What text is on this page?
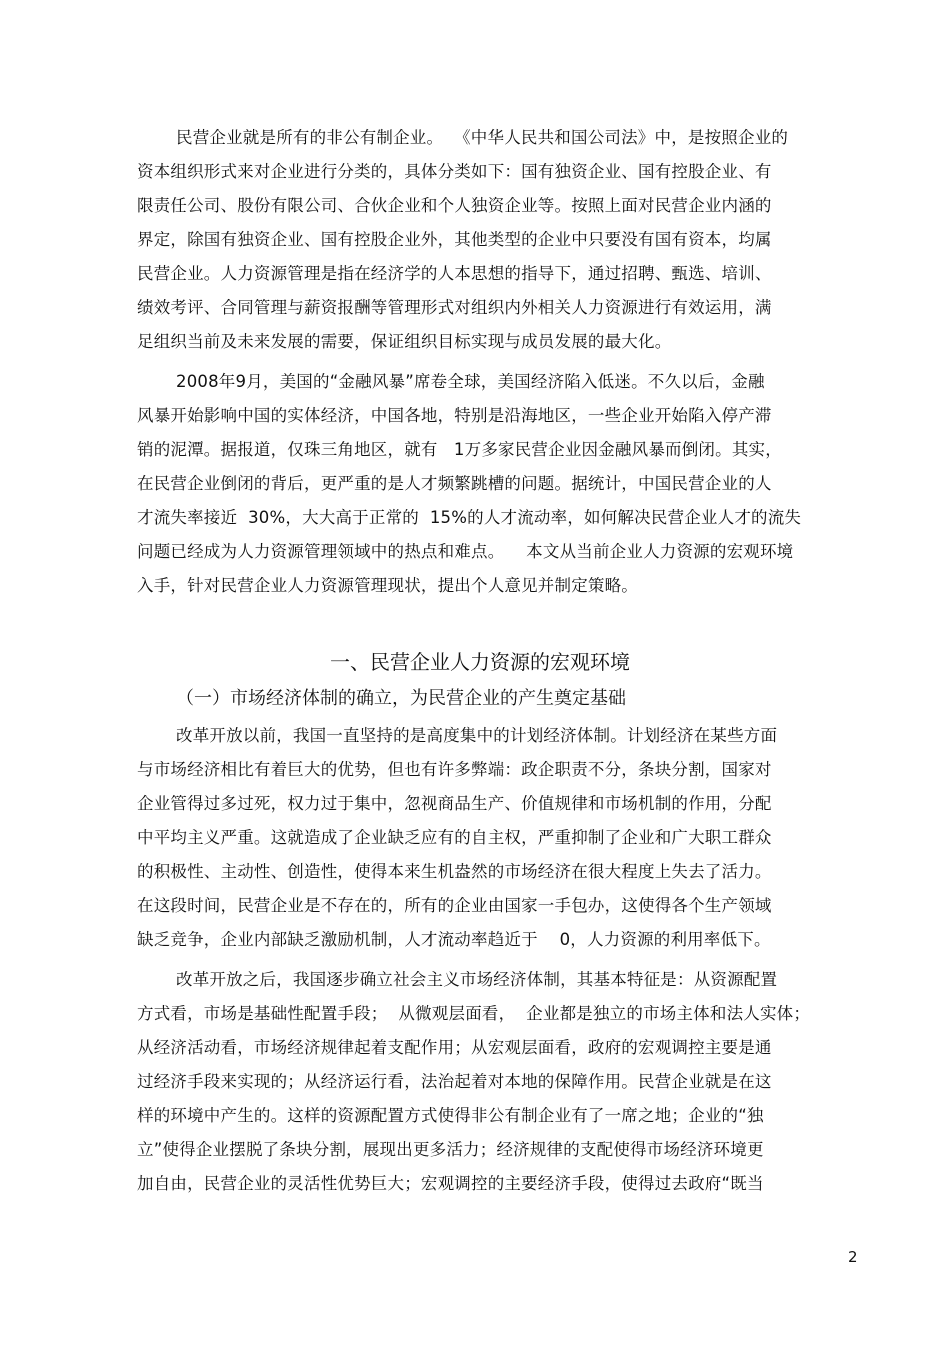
民营企业就是所有的非公有制企业。  《中华人民共和国公司法》中，是按照企业的
资本组织形式来对企业进行分类的，具体分类如下：国有独资企业、国有控股企业、有
限责任公司、股份有限公司、合伙企业和个人独资企业等。按照上面对民营企业内涵的
界定，除国有独资企业、国有控股企业外，其他类型的企业中只要没有国有资本，均属
民营企业。人力资源管理是指在经济学的人本思想的指导下，通过招聘、甄选、培训、
绩效考评、合同管理与薪资报酬等管理形式对组织内外相关人力资源进行有效运用，满
足组织当前及未来发展的需要，保证组织目标实现与成员发展的最大化。
2008年9月，美国的“金融风暴”席卷全球，美国经济陷入低迷。不久以后，金融
风暴开始影响中国的实体经济，中国各地，特别是沿海地区，一些企业开始陷入停产滞
销的泥潭。据报道，仅珠三角地区，就有   1万多家民营企业因金融风暴而倒闭。其实，
在民营企业倒闭的背后，更严重的是人才频繁跳槽的问题。据统计，中国民营企业的人
才流失率接近  30%，大大高于正常的  15%的人才流动率，如何解决民营企业人才的流失
问题已经成为人力资源管理领域中的热点和难点。    本文从当前企业人力资源的宏观环境
入手，针对民营企业人力资源管理现状，提出个人意见并制定策略。
一、民营企业人力资源的宏观环境
（一）市场经济体制的确立，为民营企业的产生奠定基础
改革开放以前，我国一直坚持的是高度集中的计划经济体制。计划经济在某些方面
与市场经济相比有着巨大的优势，但也有许多弊端：政企职责不分，条块分割，国家对
企业管得过多过死，权力过于集中，忽视商品生产、价值规律和市场机制的作用，分配
中平均主义严重。这就造成了企业缺乏应有的自主权，严重抑制了企业和广大职工群众
的积极性、主动性、创造性，使得本来生机盎然的市场经济在很大程度上失去了活力。
在这段时间，民营企业是不存在的，所有的企业由国家一手包办，这使得各个生产领域
缺乏竞争，企业内部缺乏激励机制，人才流动率趋近于    0，人力资源的利用率低下。
改革开放之后，我国逐步确立社会主义市场经济体制，其基本特征是：从资源配置
方式看，市场是基础性配置手段；  从微观层面看，  企业都是独立的市场主体和法人实体；
从经济活动看，市场经济规律起着支配作用；从宏观层面看，政府的宏观调控主要是通
过经济手段来实现的；从经济运行看，法治起着对本地的保障作用。民营企业就是在这
样的环境中产生的。这样的资源配置方式使得非公有制企业有了一席之地；企业的“独
立”使得企业摆脱了条块分割，展现出更多活力；经济规律的支配使得市场经济环境更
加自由，民营企业的灵活性优势巨大；宏观调控的主要经济手段，使得过去政府“既当
2
